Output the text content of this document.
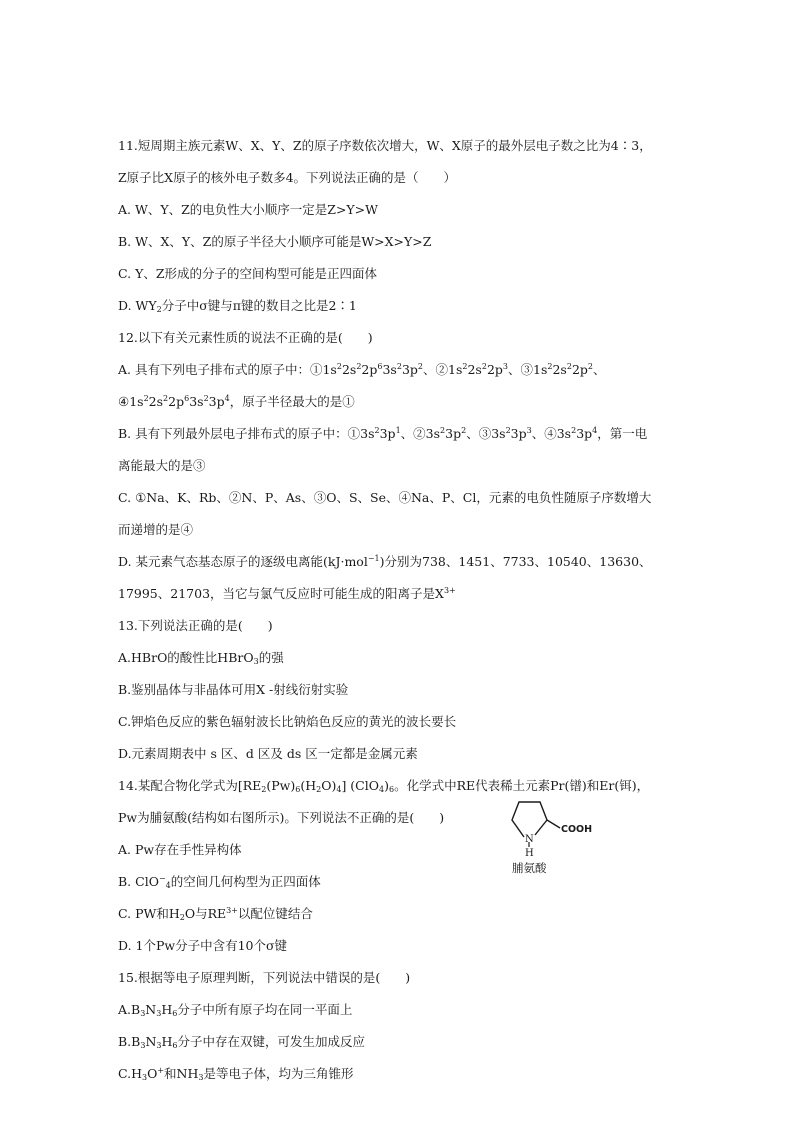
11.短周期主族元素W、X、Y、Z的原子序数依次增大，W、X原子的最外层电子数之比为4∶3，
Z原子比X原子的核外电子数多4。下列说法正确的是（　　）
A. W、Y、Z的电负性大小顺序一定是Z>Y>W
B. W、X、Y、Z的原子半径大小顺序可能是W>X>Y>Z
C. Y、Z形成的分子的空间构型可能是正四面体
D. $WY_2$分子中σ键与π键的数目之比是2∶1
12.以下有关元素性质的说法不正确的是(　　)
A. 具有下列电子排布式的原子中：$①1s^22s^22p^63s^23p^2$、$②1s^22s^22p^3$、$③1s^22s^22p^2$、
$④1s^22s^22p^63s^23p^4$，原子半径最大的是①
B. 具有下列最外层电子排布式的原子中：$①3s^23p^1$、$②3s^23p^2$、$③3s^23p^3$、$④3s^23p^4$，第一电
离能最大的是③
C. ①Na、K、Rb、②N、P、As、③O、S、Se、④Na、P、Cl，元素的电负性随原子序数增大
而递增的是④
D. 某元素气态基态原子的逐级电离能(kJ·mol$^{-1}$)分别为738、1451、7733、10540、13630、
17995、21703，当它与氯气反应时可能生成的阳离子是$X^{3+}$
13.下列说法正确的是(　　)
A.HBrO的酸性比HBrO$_3$的强
B.鉴别晶体与非晶体可用X -射线衍射实验
C.钾焰色反应的紫色辐射波长比钠焰色反应的黄光的波长要长
D.元素周期表中 s 区、d 区及 ds 区一定都是金属元素
14.某配合物化学式为$[RE_2(Pw)_6(H_2O)_4]$ $(ClO_4)_6$。化学式中RE代表稀土元素Pr(镨)和Er(铒)，
Pw为脯氨酸(结构如右图所示)。下列说法不正确的是(　　)
A. Pw存在手性异构体
B. ClO−$_4$的空间几何构型为正四面体
C. PW和$H_2O$与$RE^{3+}$以配位键结合
D. 1个Pw分子中含有10个σ键
N
H
COOH
脯氨酸
15.根据等电子原理判断，下列说法中错误的是(　　)
$A.B_3N_3H_6$分子中所有原子均在同一平面上
$B.B_3N_3H_6$分子中存在双键，可发生加成反应
$C.H_3O^+$和$NH_3$是等电子体，均为三角锥形
